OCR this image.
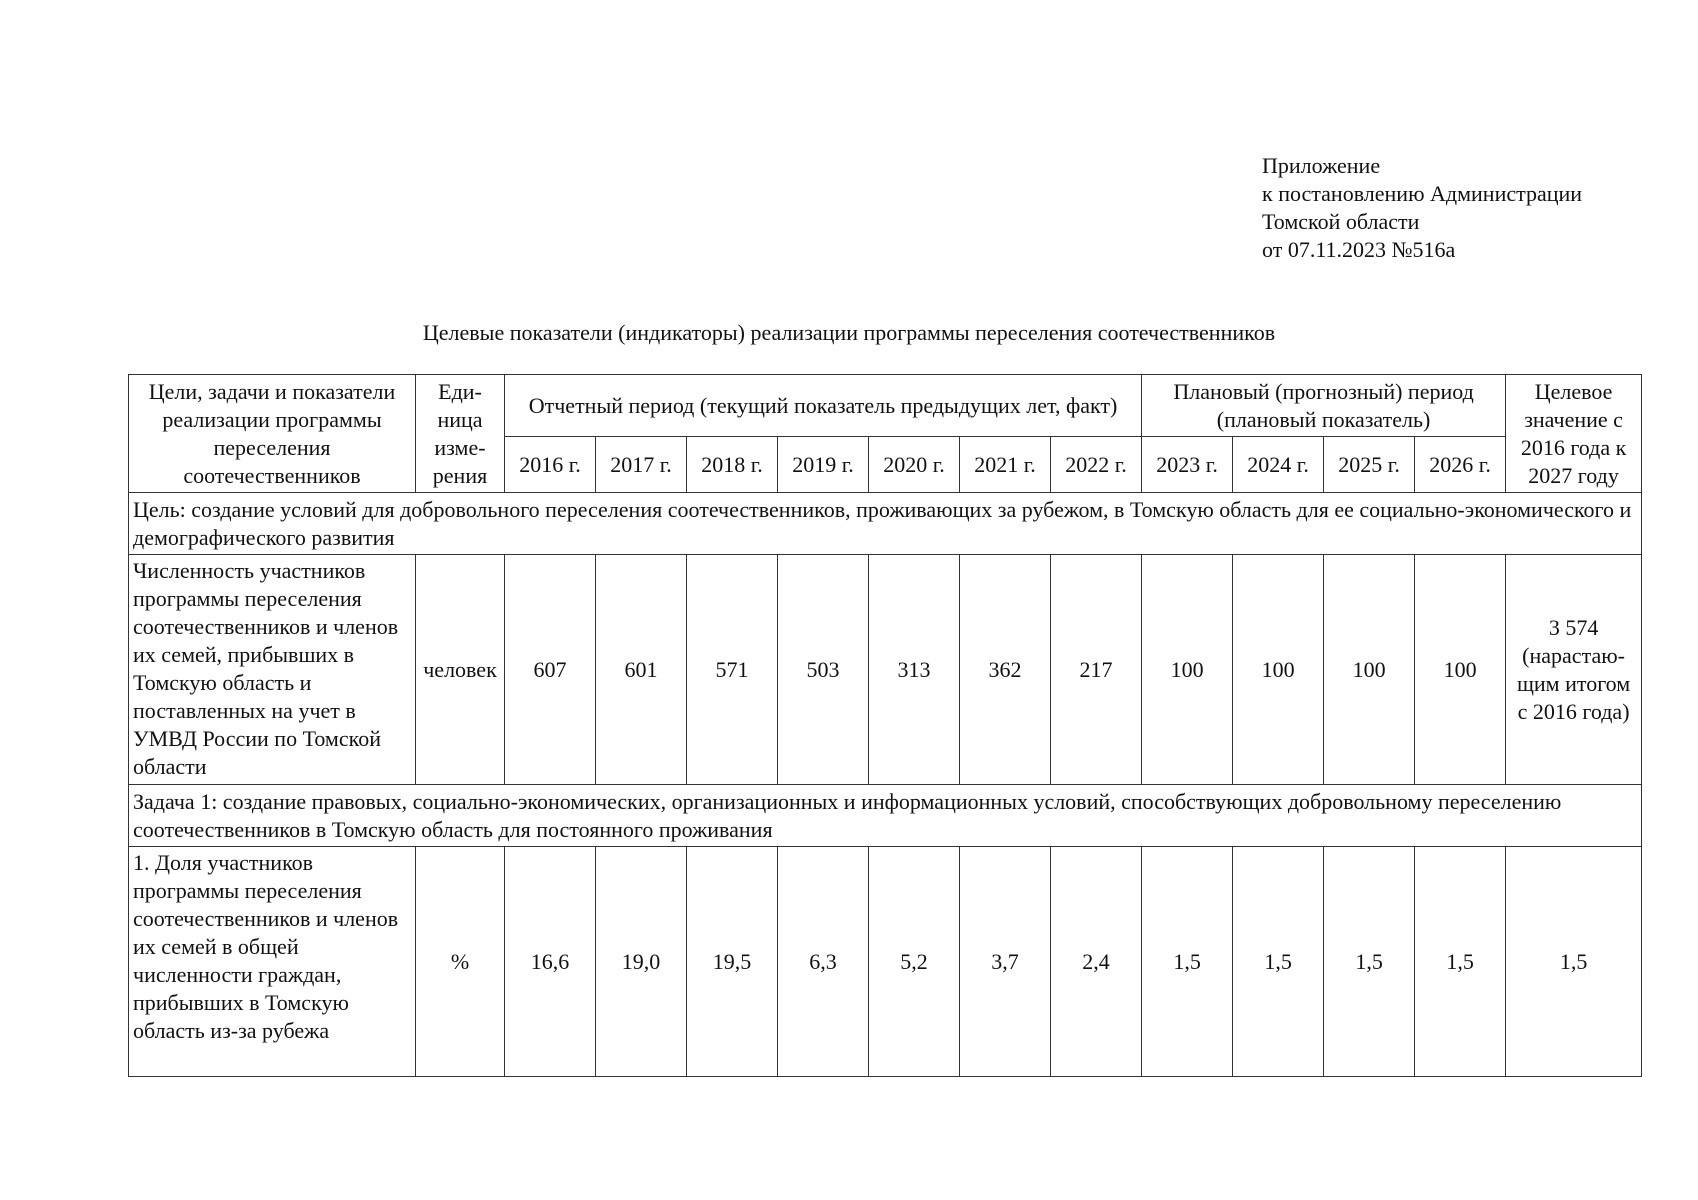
Приложение
к постановлению Администрации
Томской области
от 07.11.2023 №516а
Целевые показатели (индикаторы) реализации программы переселения соотечественников
Цели, задачи и показатели реализации программы переселения соотечественников	Еди-ница изме-рения	Отчетный период (текущий показатель предыдущих лет, факт)							Плановый (прогнозный) период (плановый показатель)				Целевое значение с 2016 года к 2027 году
		2016 г.	2017 г.	2018 г.	2019 г.	2020 г.	2021 г.	2022 г.	2023 г.	2024 г.	2025 г.	2026 г.	
Цель: создание условий для добровольного переселения соотечественников, проживающих за рубежом, в Томскую область для ее социально-экономического и демографического развития													
Численность участников программы переселения соотечественников и членов их семей, прибывших в Томскую область и поставленных на учет в УМВД России по Томской области	человек	607	601	571	503	313	362	217	100	100	100	100	3 574 (нарастаю-щим итогом с 2016 года)
Задача 1: создание правовых, социально-экономических, организационных и информационных условий, способствующих добровольному переселению соотечественников в Томскую область для постоянного проживания													
1. Доля участников программы переселения соотечественников и членов их семей в общей численности граждан, прибывших в Томскую область из-за рубежа	%	16,6	19,0	19,5	6,3	5,2	3,7	2,4	1,5	1,5	1,5	1,5	1,5
